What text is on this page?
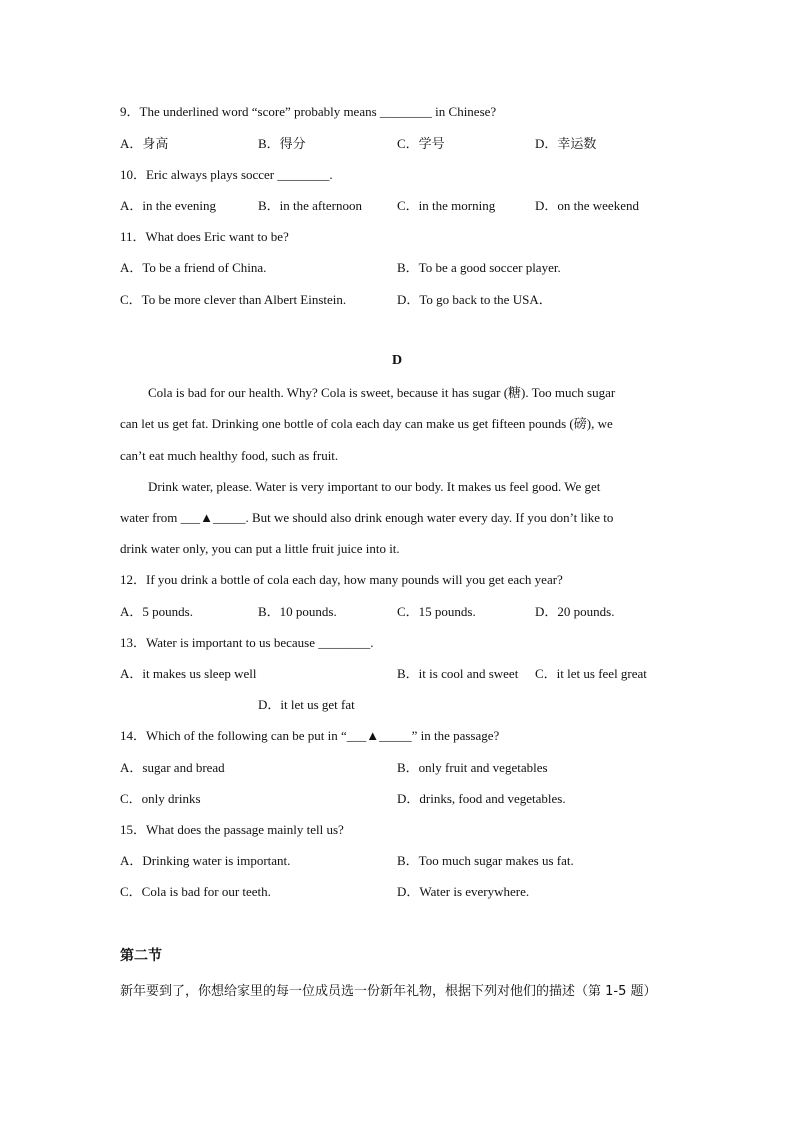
9．The underlined word “score” probably means ________ in Chinese?
A．身高	B．得分	C．学号	D．幸运数
10．Eric always plays soccer ________.
A．in the evening	B．in the afternoon	C．in the morning	D．on the weekend
11．What does Eric want to be?
A．To be a friend of China.	B．To be a good soccer player.
C．To be more clever than Albert Einstein.	D．To go back to the USA．
D
Cola is bad for our health. Why? Cola is sweet, because it has sugar (糖). Too much sugar
can let us get fat. Drinking one bottle of cola each day can make us get fifteen pounds (磅), we
can’t eat much healthy food, such as fruit.
Drink water, please. Water is very important to our body. It makes us feel good. We get
water from ___▲_____. But we should also drink enough water every day. If you don’t like to
drink water only, you can put a little fruit juice into it.
12．If you drink a bottle of cola each day, how many pounds will you get each year?
A．5 pounds.	B．10 pounds.	C．15 pounds.	D．20 pounds.
13．Water is important to us because ________.
A．it makes us sleep well	B．it is cool and sweet C．it let us feel great
D．it let us get fat
14．Which of the following can be put in “___▲_____” in the passage?
A．sugar and bread	B．only fruit and vegetables
C．only drinks	D．drinks, food and vegetables.
15．What does the passage mainly tell us?
A．Drinking water is important.	B．Too much sugar makes us fat.
C．Cola is bad for our teeth.	D．Water is everywhere.
第二节
新年要到了，你想给家里的每一位成员选一份新年礼物，根据下列对他们的描述（第 1-5 题）
